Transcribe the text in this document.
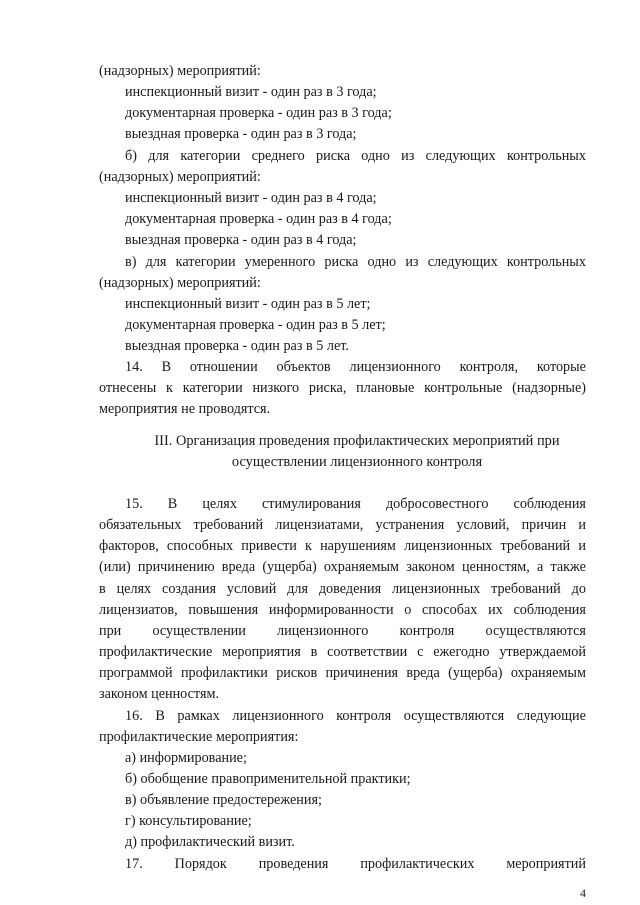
(надзорных) мероприятий:
инспекционный визит - один раз в 3 года;
документарная проверка - один раз в 3 года;
выездная проверка - один раз в 3 года;
б) для категории среднего риска одно из следующих контрольных
(надзорных) мероприятий:
инспекционный визит - один раз в 4 года;
документарная проверка - один раз в 4 года;
выездная проверка - один раз в 4 года;
в) для категории умеренного риска одно из следующих контрольных
(надзорных) мероприятий:
инспекционный визит - один раз в 5 лет;
документарная проверка - один раз в 5 лет;
выездная проверка - один раз в 5 лет.
14. В отношении объектов лицензионного контроля, которые
отнесены к категории низкого риска, плановые контрольные (надзорные)
мероприятия не проводятся.
III. Организация проведения профилактических мероприятий при
осуществлении лицензионного контроля
15. В целях стимулирования добросовестного соблюдения
обязательных требований лицензиатами, устранения условий, причин и
факторов, способных привести к нарушениям лицензионных требований и
(или) причинению вреда (ущерба) охраняемым законом ценностям, а также
в целях создания условий для доведения лицензионных требований до
лицензиатов, повышения информированности о способах их соблюдения
при осуществлении лицензионного контроля осуществляются
профилактические мероприятия в соответствии с ежегодно утверждаемой
программой профилактики рисков причинения вреда (ущерба) охраняемым
законом ценностям.
16. В рамках лицензионного контроля осуществляются следующие
профилактические мероприятия:
а) информирование;
б) обобщение правоприменительной практики;
в) объявление предостережения;
г) консультирование;
д) профилактический визит.
17. Порядок проведения профилактических мероприятий
4
